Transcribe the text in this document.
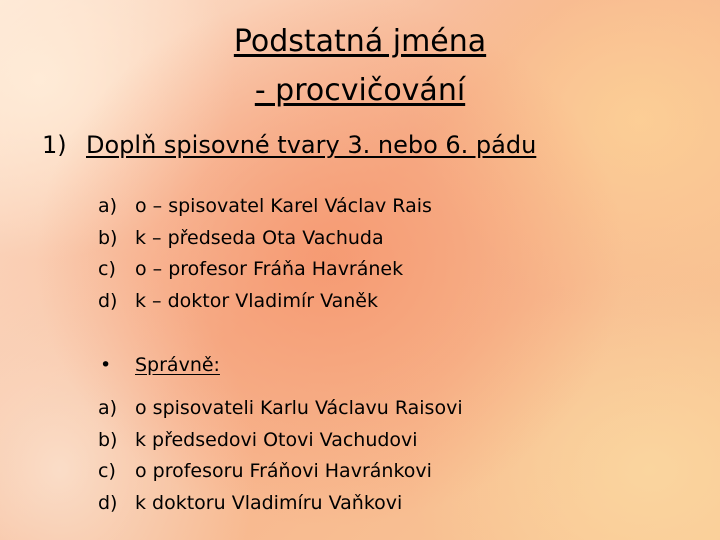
Podstatná jména
- procvičování
1) Doplň spisovné tvary 3. nebo 6. pádu
a) o – spisovatel Karel Václav Rais
b) k – předseda Ota Vachuda
c) o – profesor Fráňa Havránek
d) k – doktor Vladimír Vaněk
• Správně:
a) o spisovateli Karlu Václavu Raisovi
b) k předsedovi Otovi Vachudovi
c) o profesoru Fráňovi Havránkovi
d) k doktoru Vladimíru Vaňkovi
